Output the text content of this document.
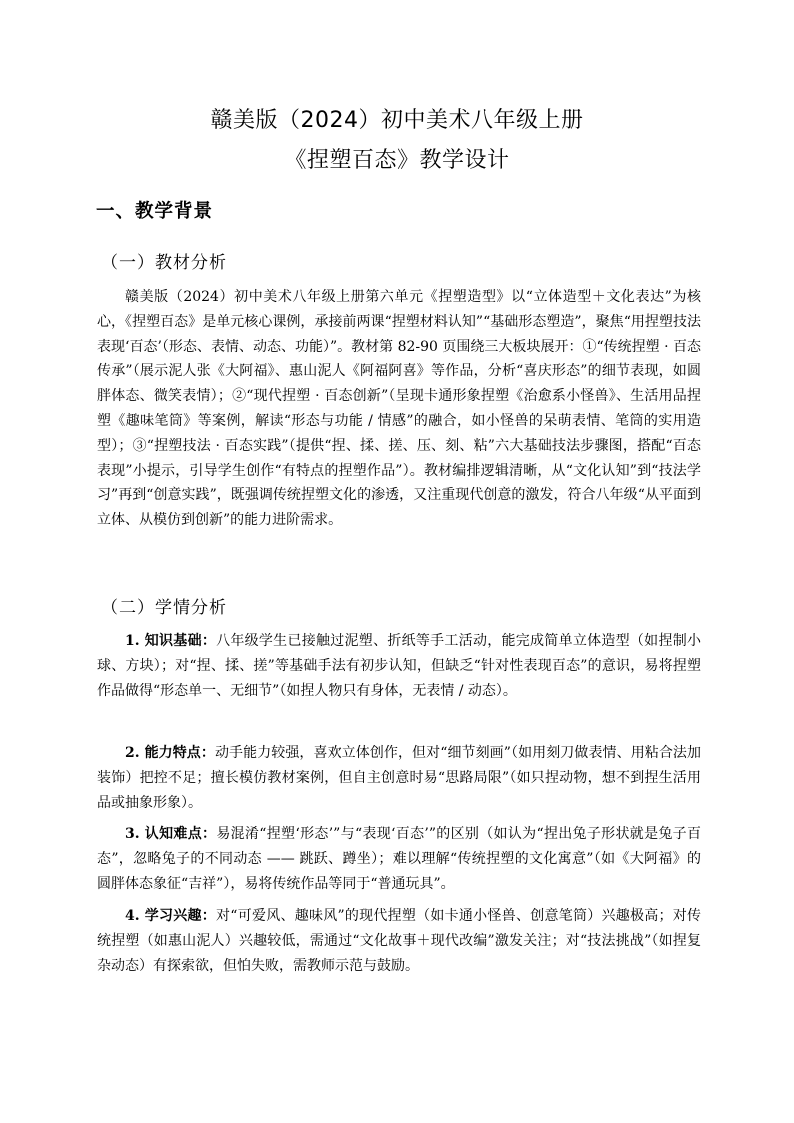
赣美版（2024）初中美术八年级上册
《捏塑百态》教学设计
一、教学背景
（一）教材分析

赣美版（2024）初中美术八年级上册第六单元《捏塑造型》以“立体造型＋文化表达”为核心，《捏塑百态》是单元核心课例，承接前两课“捏塑材料认知”“基础形态塑造”，聚焦“用捏塑技法表现‘百态’（形态、表情、动态、功能）”。教材第 82-90 页围绕三大板块展开：①“传统捏塑 · 百态传承”（展示泥人张《大阿福》、惠山泥人《阿福阿喜》等作品，分析“喜庆形态”的细节表现，如圆胖体态、微笑表情）；②“现代捏塑 · 百态创新”（呈现卡通形象捏塑《治愈系小怪兽》、生活用品捏塑《趣味笔筒》等案例，解读“形态与功能 / 情感”的融合，如小怪兽的呆萌表情、笔筒的实用造型）；③“捏塑技法 · 百态实践”（提供“捏、揉、搓、压、刻、粘”六大基础技法步骤图，搭配“百态表现”小提示，引导学生创作“有特点的捏塑作品”）。教材编排逻辑清晰，从“文化认知”到“技法学习”再到“创意实践”，既强调传统捏塑文化的渗透，又注重现代创意的激发，符合八年级“从平面到立体、从模仿到创新”的能力进阶需求。

（二）学情分析

1. 知识基础：八年级学生已接触过泥塑、折纸等手工活动，能完成简单立体造型（如捏制小球、方块）；对“捏、揉、搓”等基础手法有初步认知，但缺乏“针对性表现百态”的意识，易将捏塑作品做得“形态单一、无细节”（如捏人物只有身体，无表情 / 动态）。

2. 能力特点：动手能力较强，喜欢立体创作，但对“细节刻画”（如用刻刀做表情、用粘合法加装饰）把控不足；擅长模仿教材案例，但自主创意时易“思路局限”（如只捏动物，想不到捏生活用品或抽象形象）。

3. 认知难点：易混淆“捏塑‘形态’”与“表现‘百态’”的区别（如认为“捏出兔子形状就是兔子百态”，忽略兔子的不同动态 —— 跳跃、蹲坐）；难以理解“传统捏塑的文化寓意”（如《大阿福》的圆胖体态象征“吉祥”），易将传统作品等同于“普通玩具”。

4. 学习兴趣：对“可爱风、趣味风”的现代捏塑（如卡通小怪兽、创意笔筒）兴趣极高；对传统捏塑（如惠山泥人）兴趣较低，需通过“文化故事＋现代改编”激发关注；对“技法挑战”（如捏复杂动态）有探索欲，但怕失败，需教师示范与鼓励。
